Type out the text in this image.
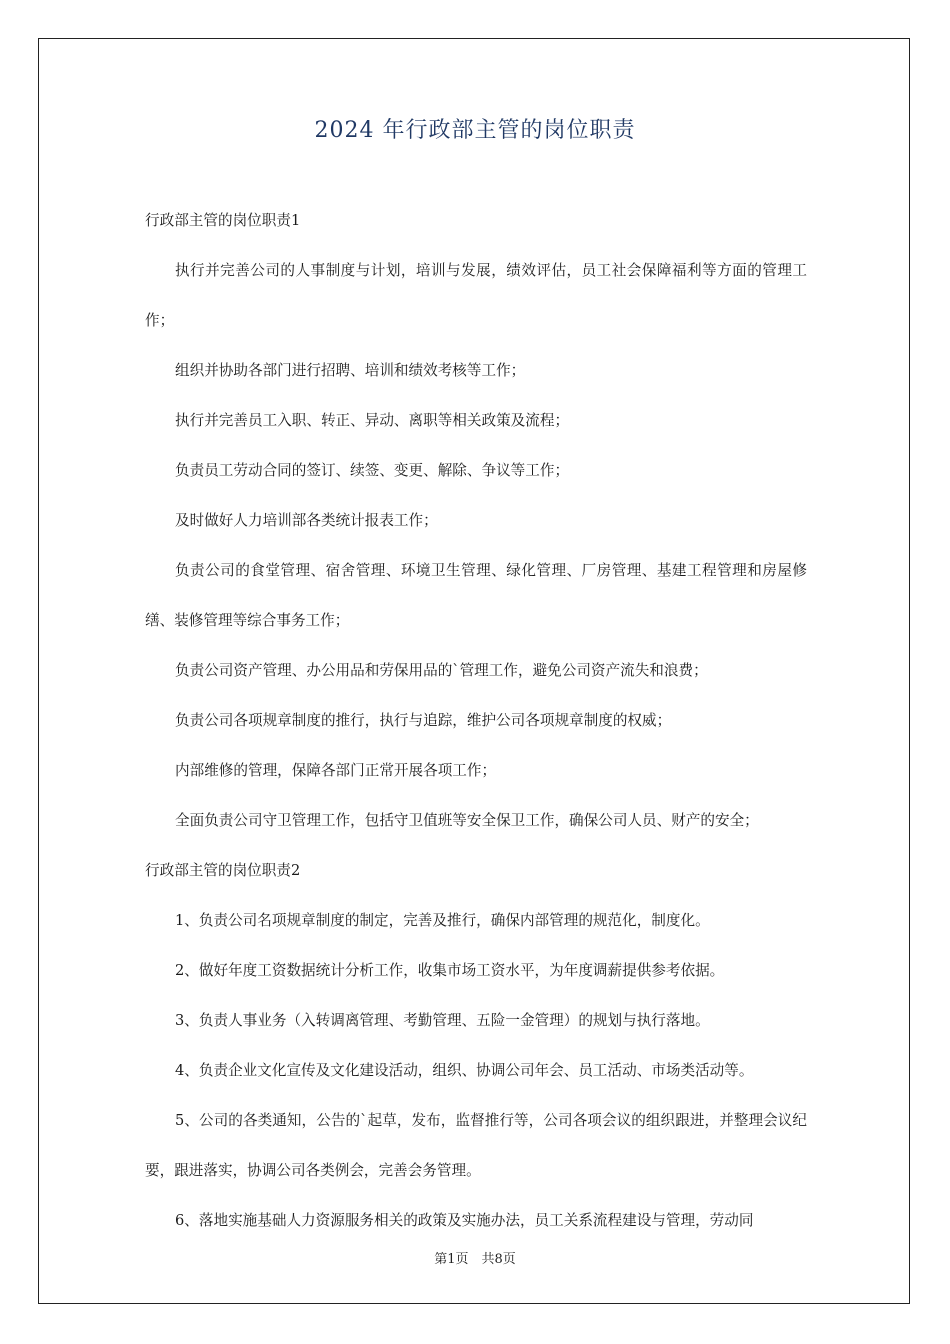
2024 年行政部主管的岗位职责

行政部主管的岗位职责1

执行并完善公司的人事制度与计划，培训与发展，绩效评估，员工社会保障福利等方面的管理工作；

组织并协助各部门进行招聘、培训和绩效考核等工作；

执行并完善员工入职、转正、异动、离职等相关政策及流程；

负责员工劳动合同的签订、续签、变更、解除、争议等工作；

及时做好人力培训部各类统计报表工作；

负责公司的食堂管理、宿舍管理、环境卫生管理、绿化管理、厂房管理、基建工程管理和房屋修缮、装修管理等综合事务工作；

负责公司资产管理、办公用品和劳保用品的`管理工作，避免公司资产流失和浪费；

负责公司各项规章制度的推行，执行与追踪，维护公司各项规章制度的权威；

内部维修的管理，保障各部门正常开展各项工作；

全面负责公司守卫管理工作，包括守卫值班等安全保卫工作，确保公司人员、财产的安全；

行政部主管的岗位职责2

1、负责公司名项规章制度的制定，完善及推行，确保内部管理的规范化，制度化。

2、做好年度工资数据统计分析工作，收集市场工资水平，为年度调薪提供参考依据。

3、负责人事业务（入转调离管理、考勤管理、五险一金管理）的规划与执行落地。

4、负责企业文化宣传及文化建设活动，组织、协调公司年会、员工活动、市场类活动等。

5、公司的各类通知，公告的`起草，发布，监督推行等，公司各项会议的组织跟进，并整理会议纪要，跟进落实，协调公司各类例会，完善会务管理。

6、落地实施基础人力资源服务相关的政策及实施办法，员工关系流程建设与管理，劳动同

第1页　共8页
